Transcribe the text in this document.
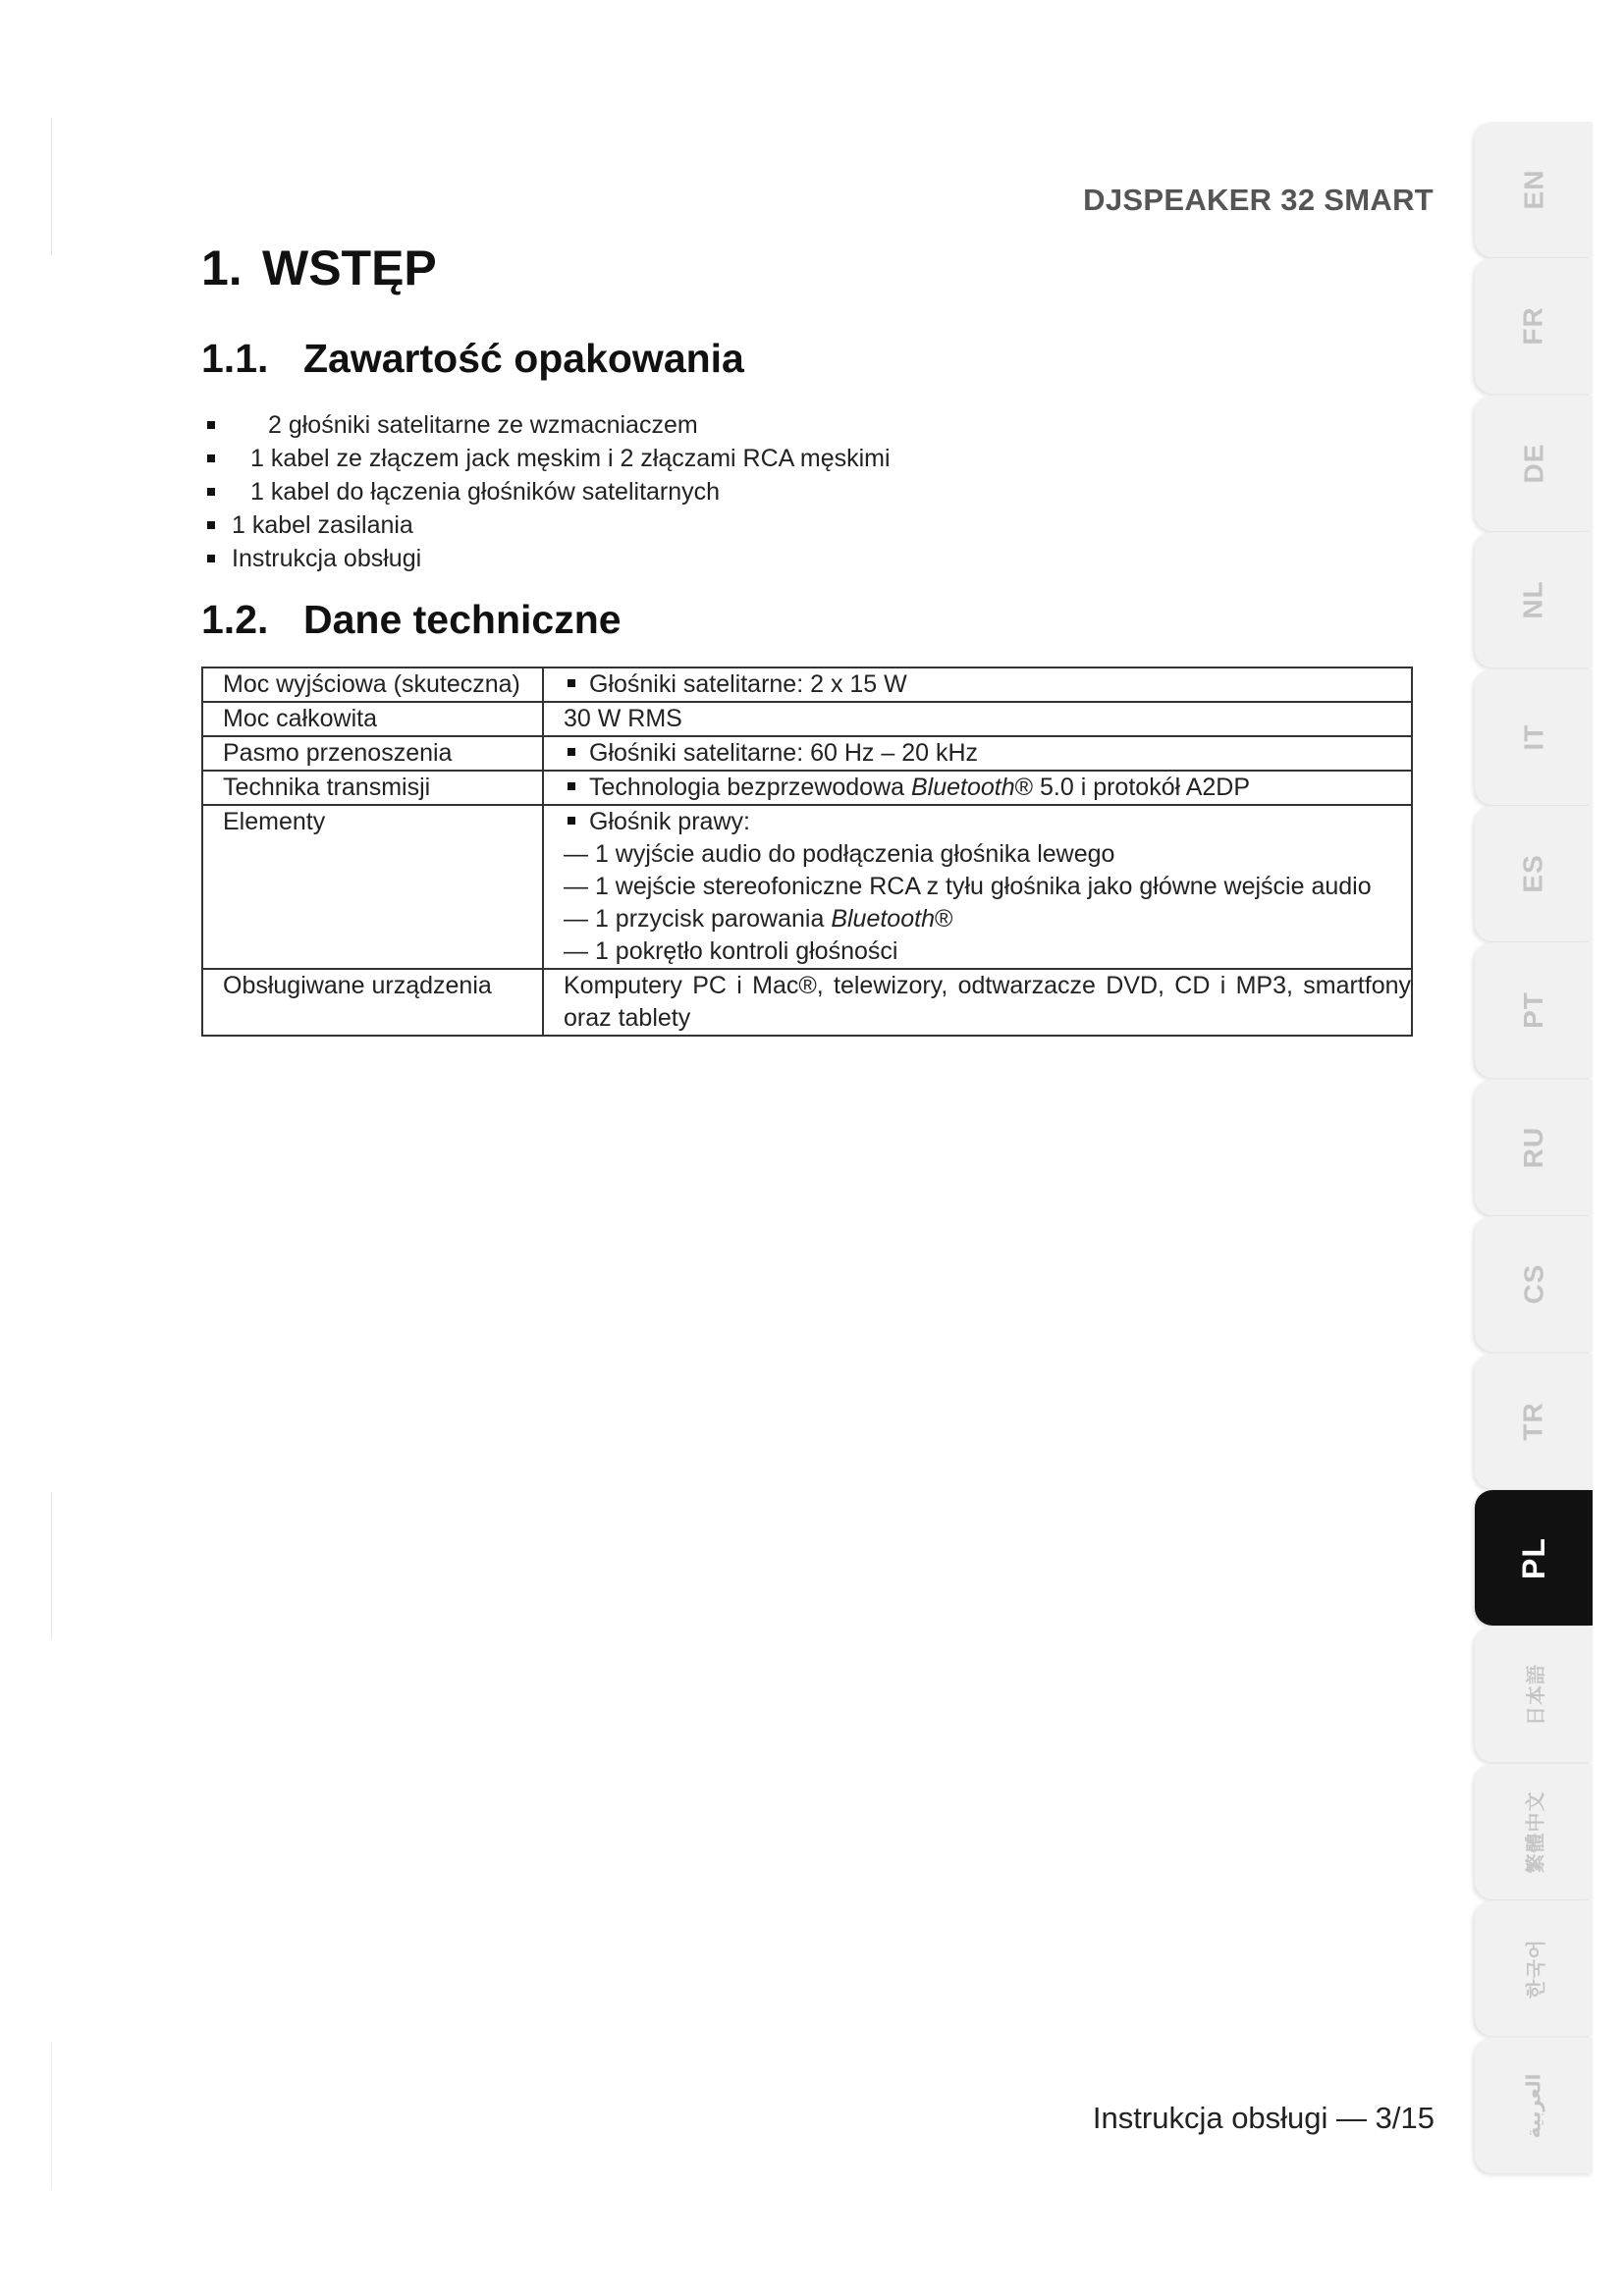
DJSPEAKER 32 SMART
1. WSTĘP
1.1. Zawartość opakowania
2 głośniki satelitarne ze wzmacniaczem
1 kabel ze złączem jack męskim i 2 złączami RCA męskimi
1 kabel do łączenia głośników satelitarnych
1 kabel zasilania
Instrukcja obsługi
1.2. Dane techniczne
Moc wyjściowa (skuteczna)	Głośniki satelitarne: 2 x 15 W
Moc całkowita	30 W RMS
Pasmo przenoszenia	Głośniki satelitarne: 60 Hz – 20 kHz
Technika transmisji	Technologia bezprzewodowa Bluetooth® 5.0 i protokół A2DP
Elementy	Głośnik prawy:
— 1 wyjście audio do podłączenia głośnika lewego
— 1 wejście stereofoniczne RCA z tyłu głośnika jako główne wejście audio
— 1 przycisk parowania Bluetooth®
— 1 pokrętło kontroli głośności

Obsługiwane urządzenia	Komputery PC i Mac®, telewizory, odtwarzacze DVD, CD i MP3, smartfony oraz tablety
Instrukcja obsługi — 3/15
EN
FR
DE
NL
IT
ES
PT
RU
CS
TR
PL
日本語
繁體中文
한국어
العربية
